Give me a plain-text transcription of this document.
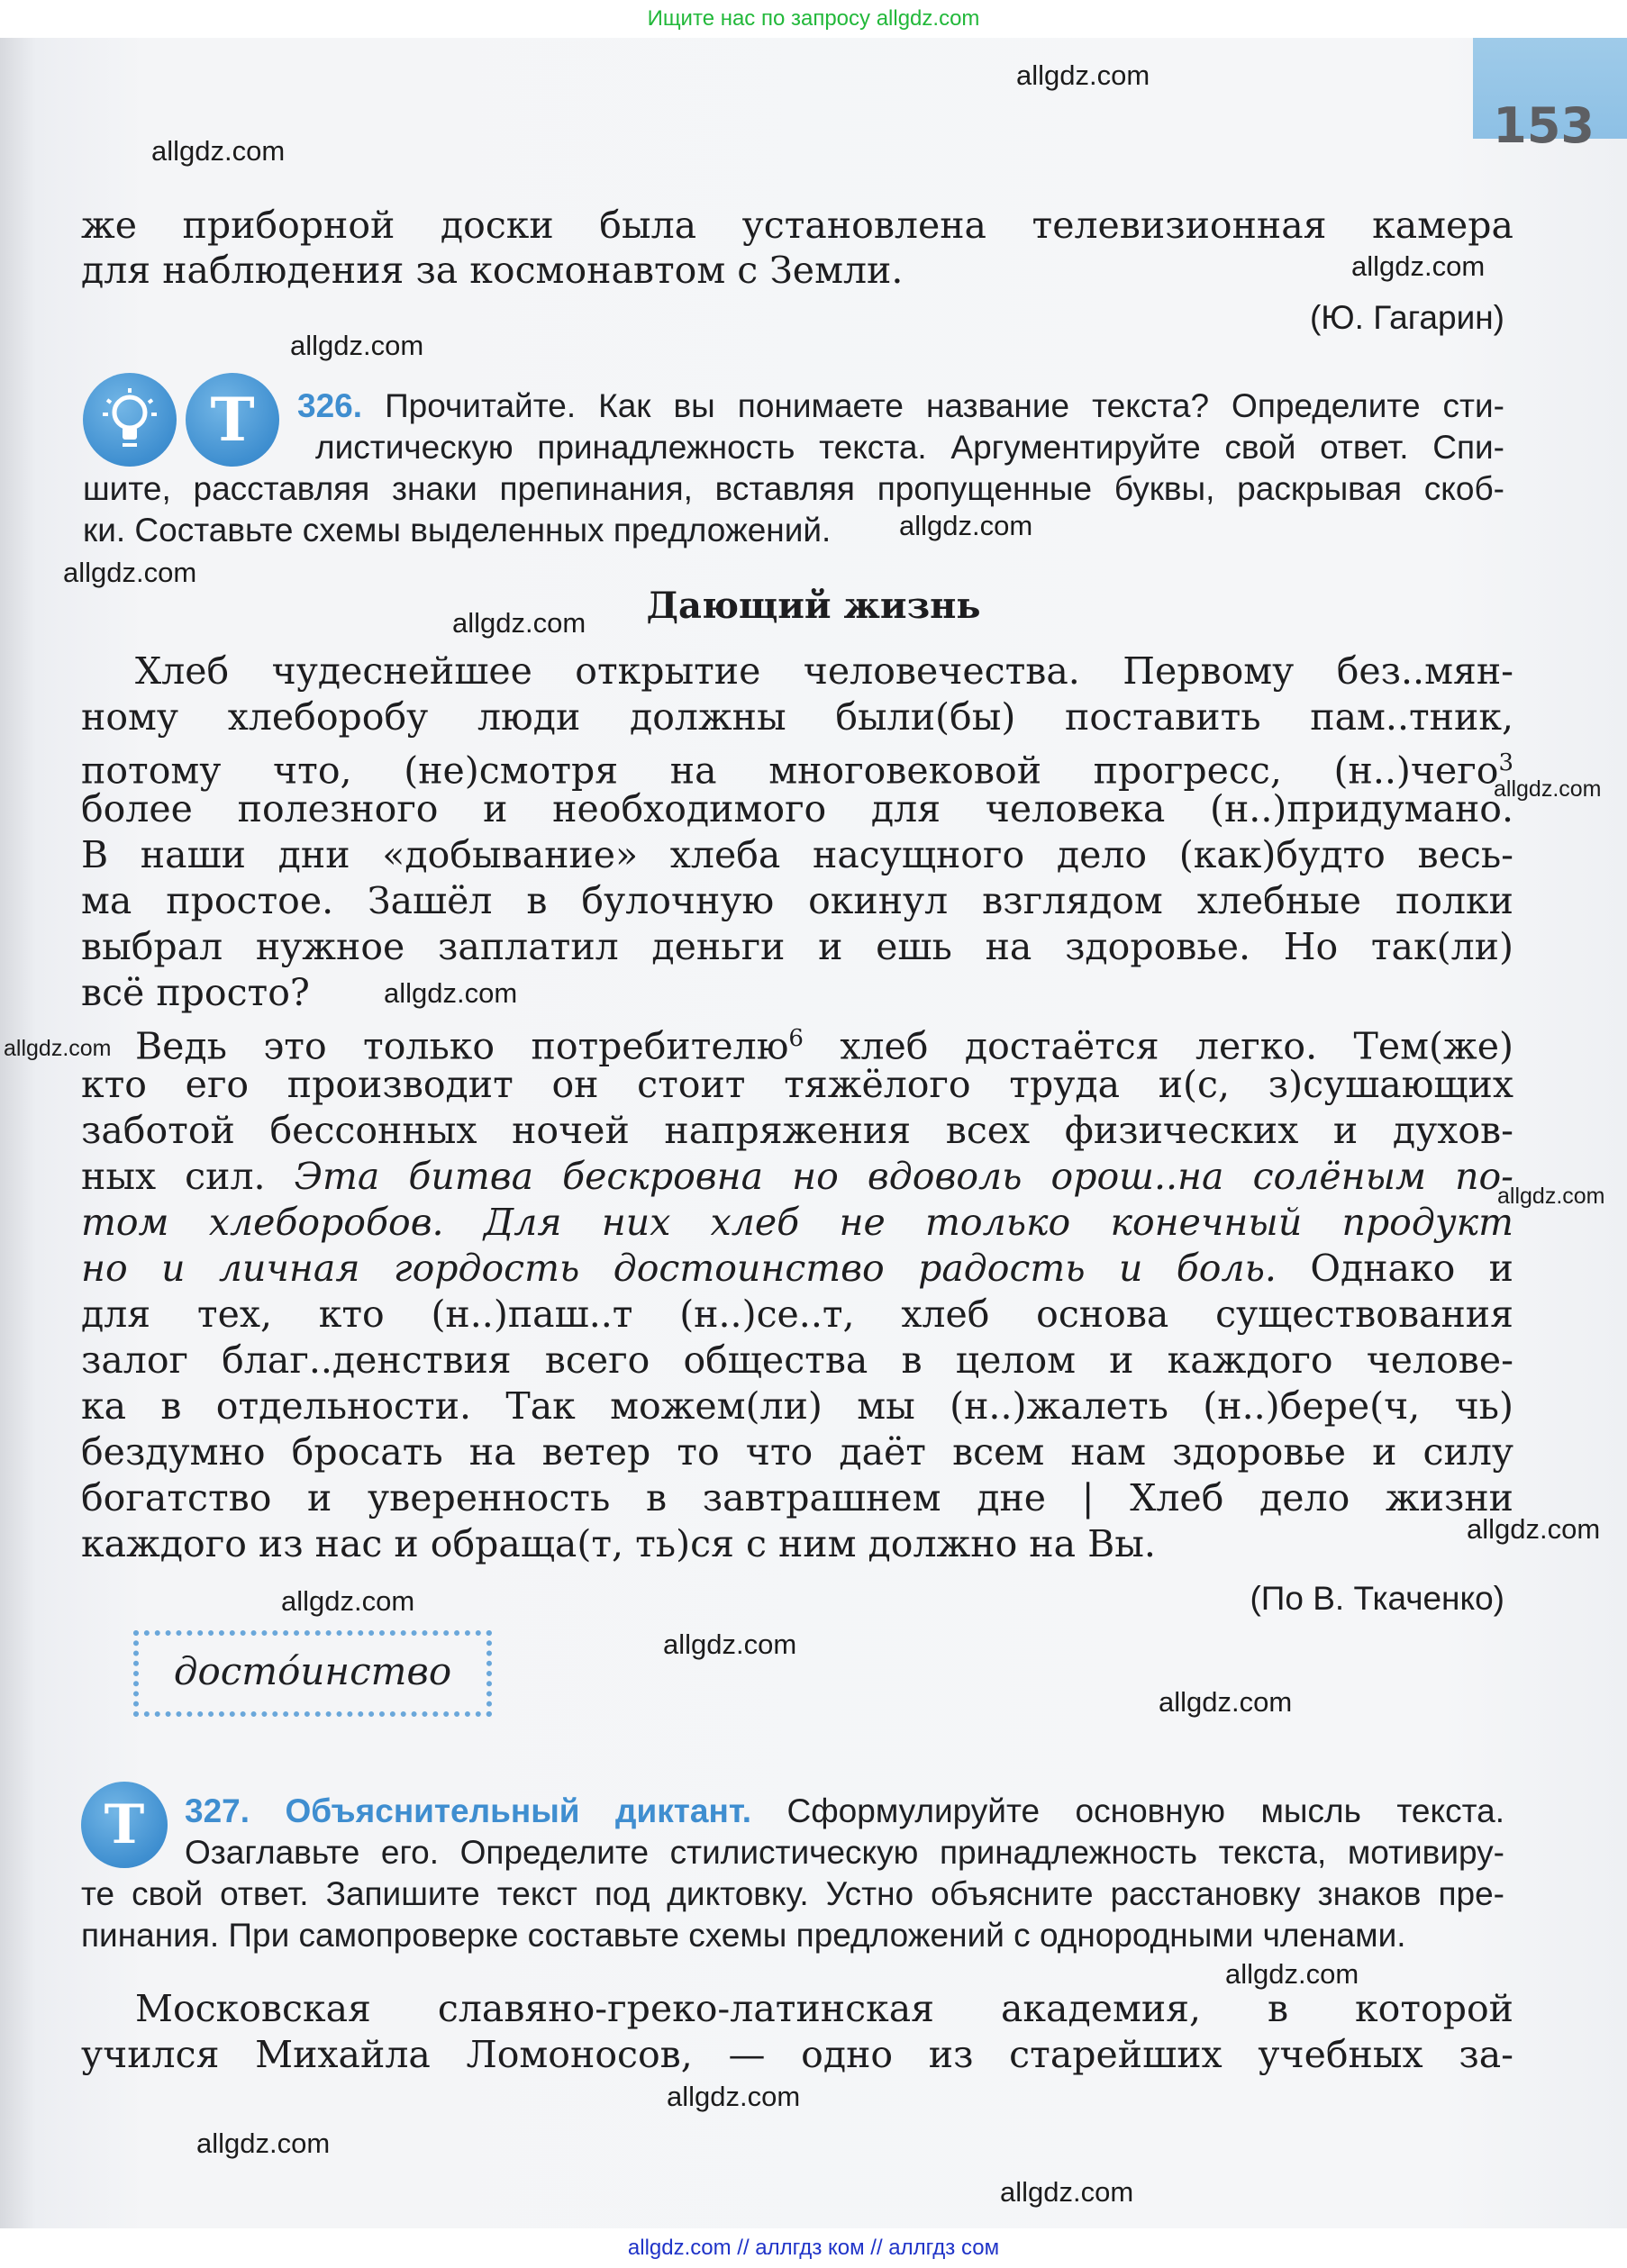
Ищите нас по запросу allgdz.com
153
же приборной доски была установлена телевизионная камера
для наблюдения за космонавтом с Земли.
(Ю. Гагарин)
Т	326. Прочитайте. Как вы понимаете название текста? Определите сти-
листическую принадлежность текста. Аргументируйте свой ответ. Спи-
шите, расставляя знаки препинания, вставляя пропущенные буквы, раскрывая скоб-
ки. Составьте схемы выделенных предложений.
Дающий жизнь
Хлеб чудеснейшее открытие человечества. Первому без..мян-
ному хлеборобу люди должны были(бы) поставить пам..тник,
потому что, (не)смотря на многовековой прогресс, (н..)чего$^3$
более полезного и необходимого для человека (н..)придумано.
В наши дни «добывание» хлеба насущного дело (как)будто весь-
ма простое. Зашёл в булочную окинул взглядом хлебные полки
выбрал нужное заплатил деньги и ешь на здоровье. Но так(ли)
всё просто?
Ведь это только потребителю$^6$ хлеб достаётся легко. Тем(же)
кто его производит он стоит тяжёлого труда и(с, з)сушающих
заботой бессонных ночей напряжения всех физических и духов-
ных сил. Эта битва бескровна но вдоволь орош..на солёным по-
том хлеборобов. Для них хлеб не только конечный продукт
но и личная гордость достоинство радость и боль. Однако и
для тех, кто (н..)паш..т (н..)се..т, хлеб основа существования
залог благ..денствия всего общества в целом и каждого челове-
ка в отдельности. Так можем(ли) мы (н..)жалеть (н..)бере(ч, чь)
бездумно бросать на ветер то что даёт всем нам здоровье и силу
богатство и уверенность в завтрашнем дне | Хлеб дело жизни
каждого из нас и обраща(т, ть)ся с ним должно на Вы.
(По В. Ткаченко)
достóинство
Т	327. Объяснительный диктант. Сформулируйте основную мысль текста.
Озаглавьте его. Определите стилистическую принадлежность текста, мотивиру-
те свой ответ. Запишите текст под диктовку. Устно объясните расстановку знаков пре-
пинания. При самопроверке составьте схемы предложений с однородными членами.
Московская славяно-греко-латинская академия, в которой
учился Михайла Ломоносов, — одно из старейших учебных за-
allgdz.com
allgdz.com
allgdz.com
allgdz.com
allgdz.com
allgdz.com
allgdz.com
allgdz.com
allgdz.com
allgdz.com
allgdz.com
allgdz.com
allgdz.com
allgdz.com
allgdz.com
allgdz.com
allgdz.com
allgdz.com
allgdz.com
allgdz.com // аллгдз ком // аллгдз сом
